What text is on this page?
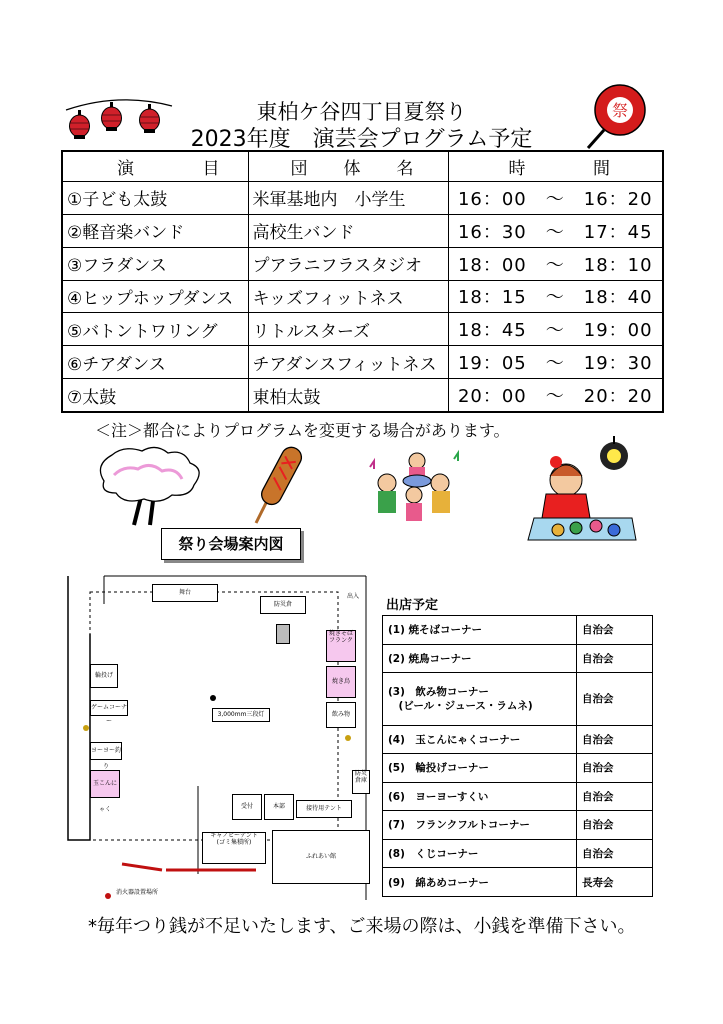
東柏ケ谷四丁目夏祭り
2023年度　演芸会プログラム予定
祭
演 目	団 体 名	時 間

①子ども太鼓	米軍基地内　小学生	16：00　～　16：20
②軽音楽バンド	高校生バンド	16：30　～　17：45
③フラダンス	プアラニフラスタジオ	18：00　～　18：10
④ヒップホップダンス	キッズフィットネス	18：15　～　18：40
⑤バトントワリング	リトルスターズ	18：45　～　19：00
⑥チアダンス	チアダンスフィットネス	19：05　～　19：30
⑦太鼓	東柏太鼓	20：00　～　20：20
＜注＞都合によりプログラムを変更する場合があります。
祭り会場案内図
舞台
防災倉
出入
焼きそば
フランク
焼き鳥
飲み物
輪投げ
ゲームコーナー
ヨーヨー釣り
玉こんにゃく
3,000mm三段灯
受付	本部	接待用テント
防災倉庫
キャノピーテント
(ゴミ集積所)
ふれあい館
消火器設置場所
出店予定
(1) 焼そばコーナー	自治会
(2) 焼鳥コーナー	自治会
(3)　飲み物コーナー
　(ビール・ジュース・ラムネ)	自治会
(4)　玉こんにゃくコーナー	自治会
(5)　輪投げコーナー	自治会
(6)　ヨーヨーすくい	自治会
(7)　フランクフルトコーナー	自治会
(8)　くじコーナー	自治会
(9)　綿あめコーナー	長寿会
*毎年つり銭が不足いたします、ご来場の際は、小銭を準備下さい。
